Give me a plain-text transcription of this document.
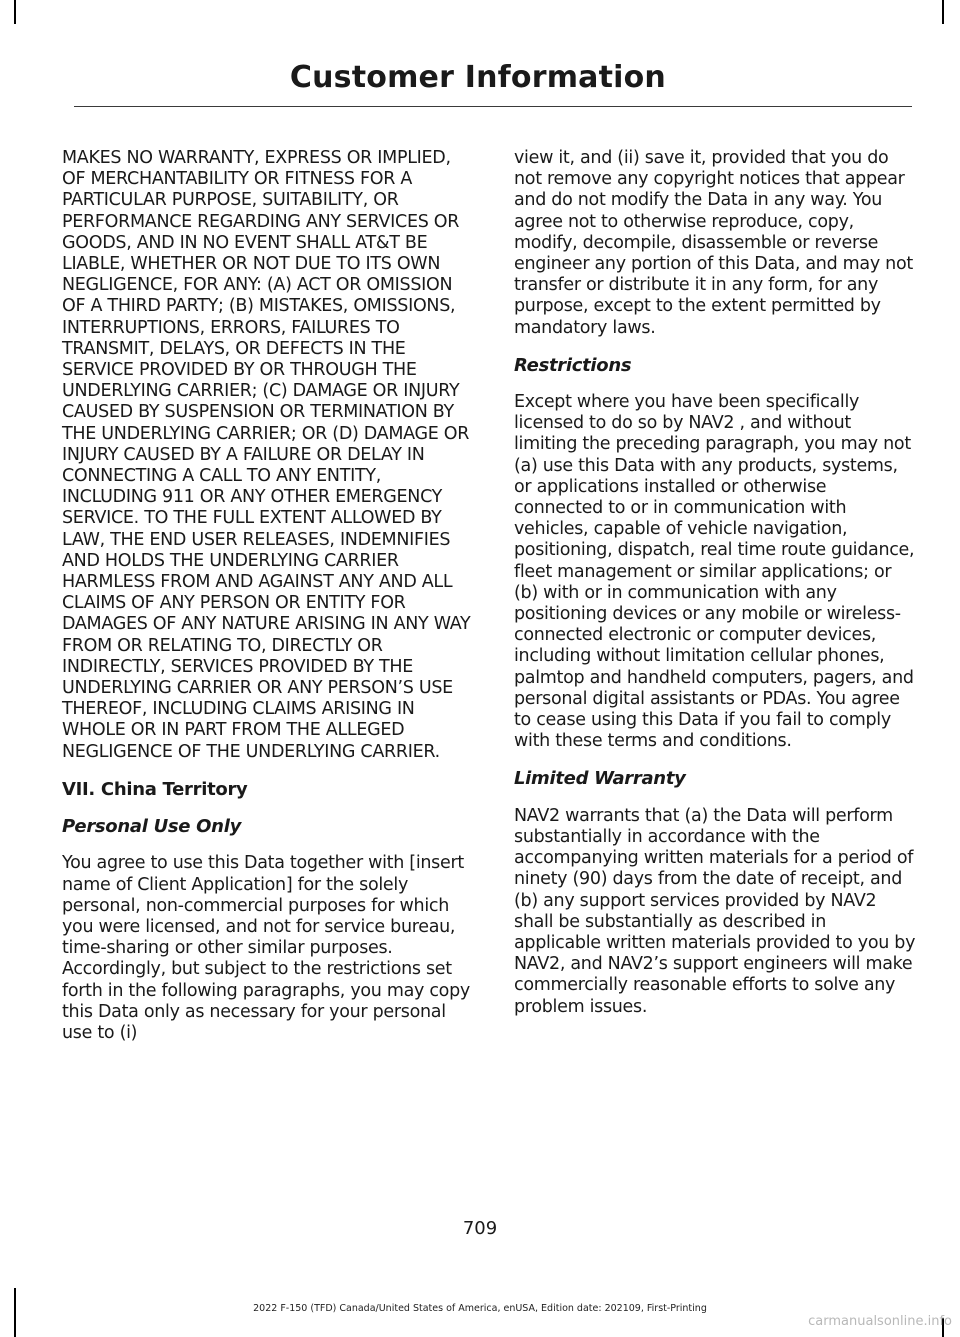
Customer Information

MAKES NO WARRANTY, EXPRESS OR IMPLIED, OF MERCHANTABILITY OR FITNESS FOR A PARTICULAR PURPOSE, SUITABILITY, OR PERFORMANCE REGARDING ANY SERVICES OR GOODS, AND IN NO EVENT SHALL AT&T BE LIABLE, WHETHER OR NOT DUE TO ITS OWN NEGLIGENCE, FOR ANY: (A) ACT OR OMISSION OF A THIRD PARTY; (B) MISTAKES, OMISSIONS, INTERRUPTIONS, ERRORS, FAILURES TO TRANSMIT, DELAYS, OR DEFECTS IN THE SERVICE PROVIDED BY OR THROUGH THE UNDERLYING CARRIER; (C) DAMAGE OR INJURY CAUSED BY SUSPENSION OR TERMINATION BY THE UNDERLYING CARRIER; OR (D) DAMAGE OR INJURY CAUSED BY A FAILURE OR DELAY IN CONNECTING A CALL TO ANY ENTITY, INCLUDING 911 OR ANY OTHER EMERGENCY SERVICE. TO THE FULL EXTENT ALLOWED BY LAW, THE END USER RELEASES, INDEMNIFIES AND HOLDS THE UNDERLYING CARRIER HARMLESS FROM AND AGAINST ANY AND ALL CLAIMS OF ANY PERSON OR ENTITY FOR DAMAGES OF ANY NATURE ARISING IN ANY WAY FROM OR RELATING TO, DIRECTLY OR INDIRECTLY, SERVICES PROVIDED BY THE UNDERLYING CARRIER OR ANY PERSON’S USE THEREOF, INCLUDING CLAIMS ARISING IN WHOLE OR IN PART FROM THE ALLEGED NEGLIGENCE OF THE UNDERLYING CARRIER.

VII. China Territory
Personal Use Only

You agree to use this Data together with [insert name of Client Application] for the solely personal, non-commercial purposes for which you were licensed, and not for service bureau, time-sharing or other similar purposes. Accordingly, but subject to the restrictions set forth in the following paragraphs, you may copy this Data only as necessary for your personal use to (i)

view it, and (ii) save it, provided that you do not remove any copyright notices that appear and do not modify the Data in any way. You agree not to otherwise reproduce, copy, modify, decompile, disassemble or reverse engineer any portion of this Data, and may not transfer or distribute it in any form, for any purpose, except to the extent permitted by mandatory laws.

Restrictions

Except where you have been specifically licensed to do so by NAV2 , and without limiting the preceding paragraph, you may not (a) use this Data with any products, systems, or applications installed or otherwise connected to or in communication with vehicles, capable of vehicle navigation, positioning, dispatch, real time route guidance, fleet management or similar applications; or (b) with or in communication with any positioning devices or any mobile or wireless-connected electronic or computer devices, including without limitation cellular phones, palmtop and handheld computers, pagers, and personal digital assistants or PDAs. You agree to cease using this Data if you fail to comply with these terms and conditions.

Limited Warranty

NAV2 warrants that (a) the Data will perform substantially in accordance with the accompanying written materials for a period of ninety (90) days from the date of receipt, and (b) any support services provided by NAV2 shall be substantially as described in applicable written materials provided to you by NAV2, and NAV2’s support engineers will make commercially reasonable efforts to solve any problem issues.

709
2022 F-150 (TFD) Canada/United States of America, enUSA, Edition date: 202109, First-Printing
carmanualsonline.info
